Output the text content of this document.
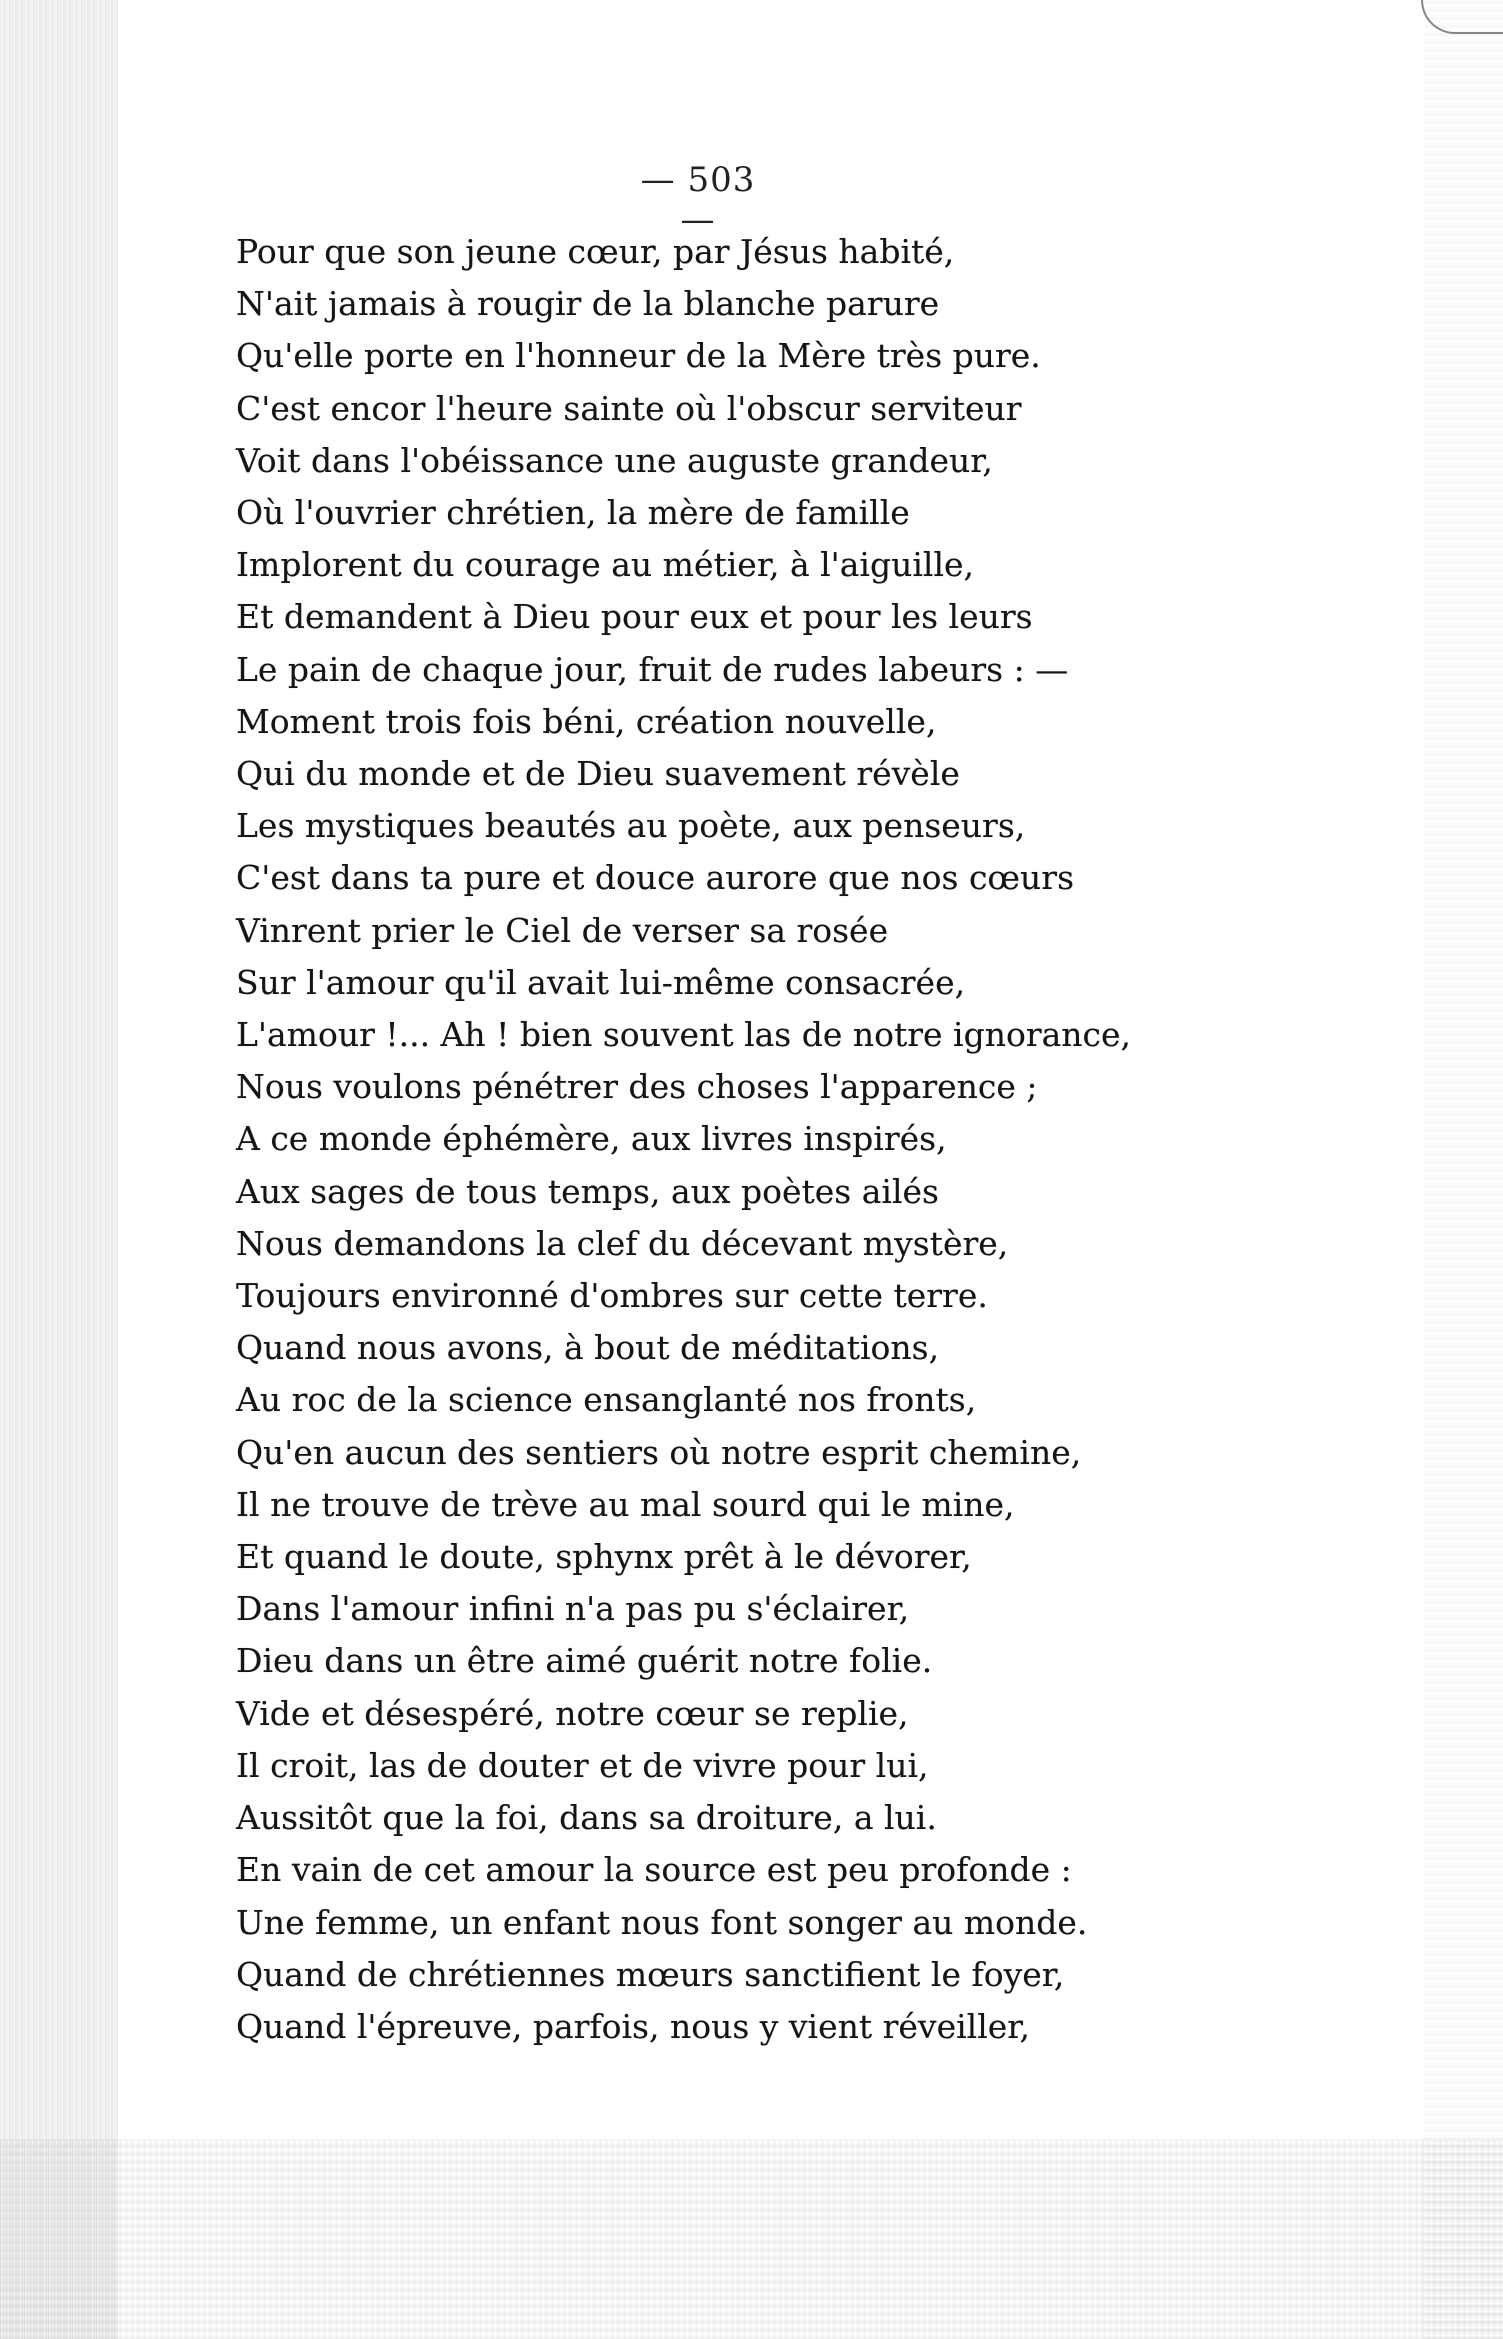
— 503 —
Pour que son jeune cœur, par Jésus habité,
N'ait jamais à rougir de la blanche parure
Qu'elle porte en l'honneur de la Mère très pure.
C'est encor l'heure sainte où l'obscur serviteur
Voit dans l'obéissance une auguste grandeur,
Où l'ouvrier chrétien, la mère de famille
Implorent du courage au métier, à l'aiguille,
Et demandent à Dieu pour eux et pour les leurs
Le pain de chaque jour, fruit de rudes labeurs : —
Moment trois fois béni, création nouvelle,
Qui du monde et de Dieu suavement révèle
Les mystiques beautés au poète, aux penseurs,
C'est dans ta pure et douce aurore que nos cœurs
Vinrent prier le Ciel de verser sa rosée
Sur l'amour qu'il avait lui-même consacrée,
L'amour !... Ah ! bien souvent las de notre ignorance,
Nous voulons pénétrer des choses l'apparence ;
A ce monde éphémère, aux livres inspirés,
Aux sages de tous temps, aux poètes ailés
Nous demandons la clef du décevant mystère,
Toujours environné d'ombres sur cette terre.
Quand nous avons, à bout de méditations,
Au roc de la science ensanglanté nos fronts,
Qu'en aucun des sentiers où notre esprit chemine,
Il ne trouve de trève au mal sourd qui le mine,
Et quand le doute, sphynx prêt à le dévorer,
Dans l'amour infini n'a pas pu s'éclairer,
Dieu dans un être aimé guérit notre folie.
Vide et désespéré, notre cœur se replie,
Il croit, las de douter et de vivre pour lui,
Aussitôt que la foi, dans sa droiture, a lui.
En vain de cet amour la source est peu profonde :
Une femme, un enfant nous font songer au monde.
Quand de chrétiennes mœurs sanctifient le foyer,
Quand l'épreuve, parfois, nous y vient réveiller,
